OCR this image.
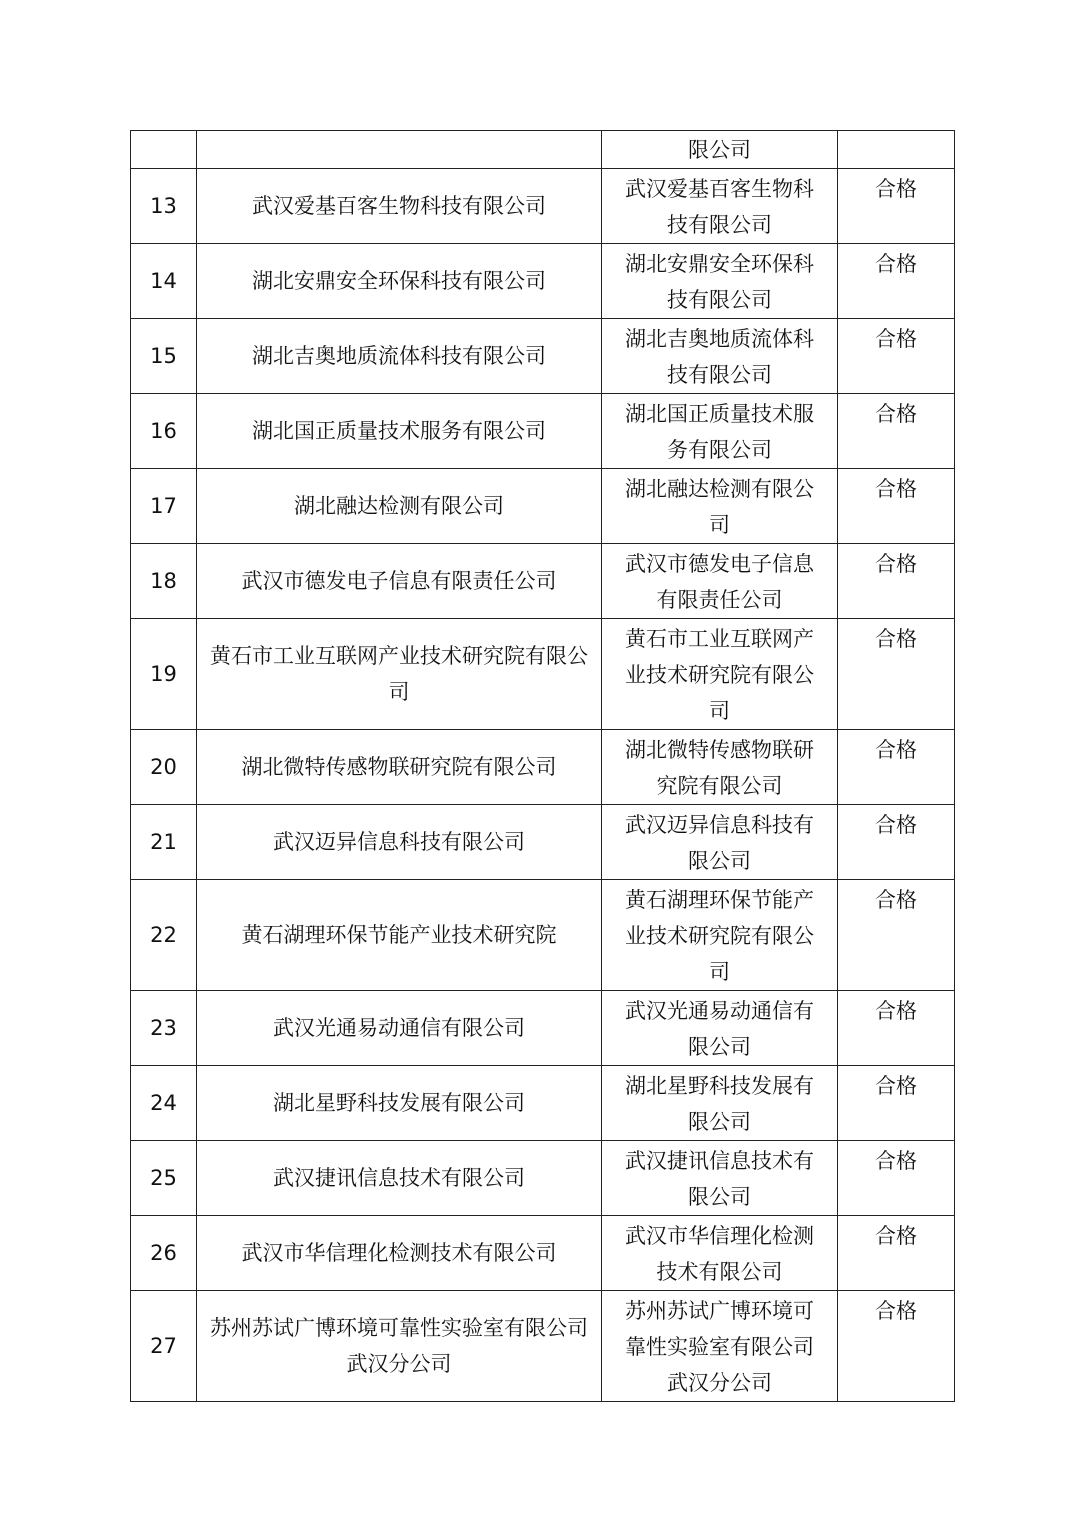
		限公司	
13	武汉爱基百客生物科技有限公司	武汉爱基百客生物科技有限公司	合格
14	湖北安鼎安全环保科技有限公司	湖北安鼎安全环保科技有限公司	合格
15	湖北吉奥地质流体科技有限公司	湖北吉奥地质流体科技有限公司	合格
16	湖北国正质量技术服务有限公司	湖北国正质量技术服务有限公司	合格
17	湖北融达检测有限公司	湖北融达检测有限公司	合格
18	武汉市德发电子信息有限责任公司	武汉市德发电子信息有限责任公司	合格
19	黄石市工业互联网产业技术研究院有限公司	黄石市工业互联网产业技术研究院有限公司	合格
20	湖北微特传感物联研究院有限公司	湖北微特传感物联研究院有限公司	合格
21	武汉迈异信息科技有限公司	武汉迈异信息科技有限公司	合格
22	黄石湖理环保节能产业技术研究院	黄石湖理环保节能产业技术研究院有限公司	合格
23	武汉光通易动通信有限公司	武汉光通易动通信有限公司	合格
24	湖北星野科技发展有限公司	湖北星野科技发展有限公司	合格
25	武汉捷讯信息技术有限公司	武汉捷讯信息技术有限公司	合格
26	武汉市华信理化检测技术有限公司	武汉市华信理化检测技术有限公司	合格
27	苏州苏试广博环境可靠性实验室有限公司武汉分公司	苏州苏试广博环境可靠性实验室有限公司武汉分公司	合格
